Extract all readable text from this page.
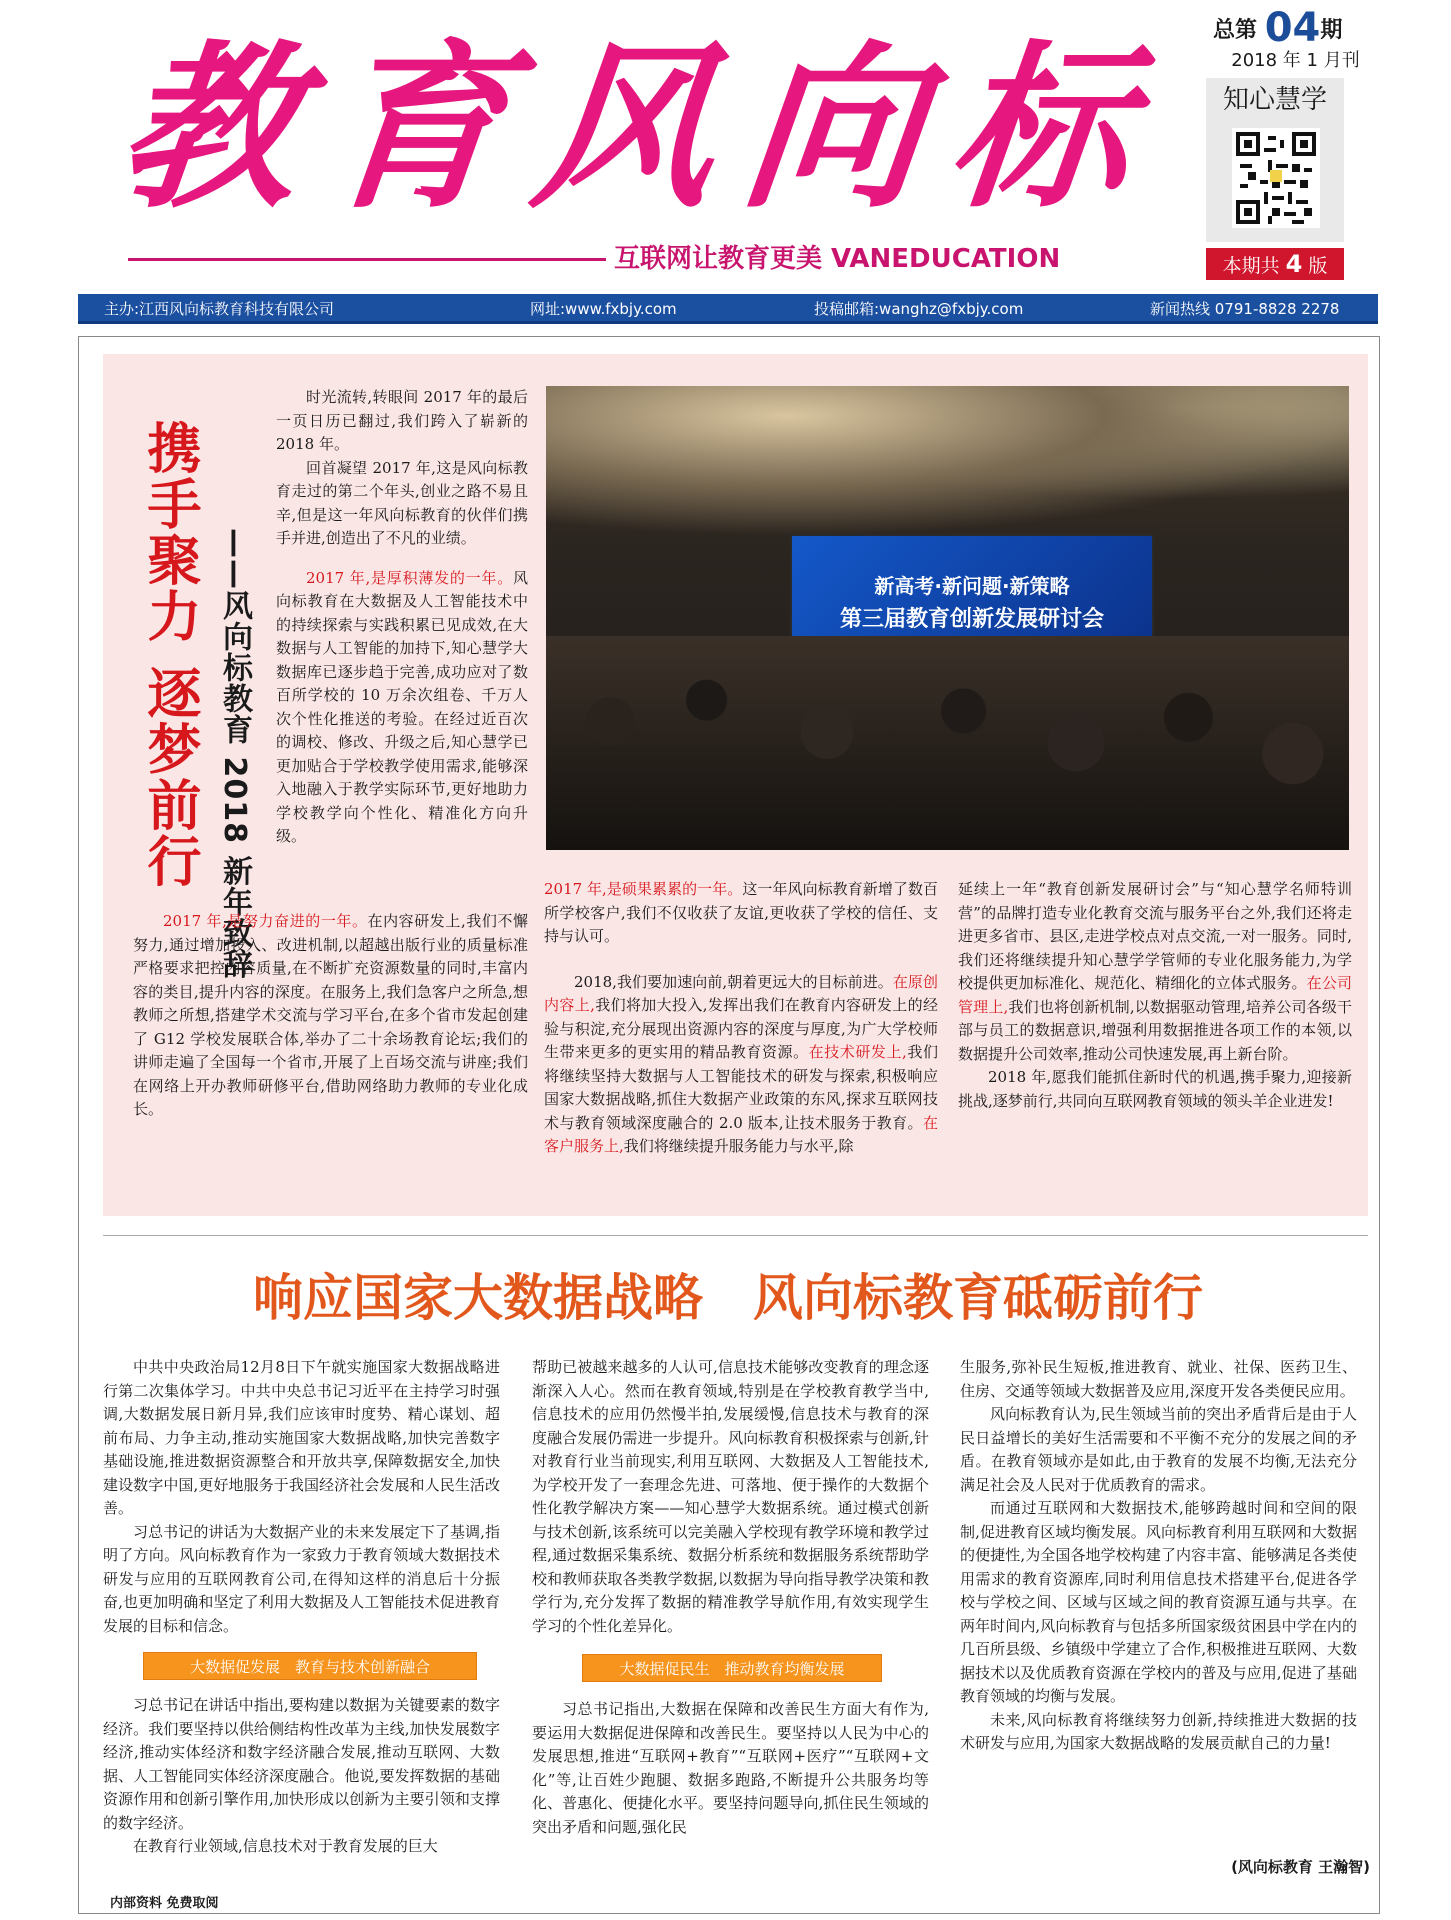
教育风向标
互联网让教育更美 VANEDUCATION
总第 04期
2018 年 1 月刊
知心慧学
本期共 4 版
主办:江西风向标教育科技有限公司	网址:www.fxbjy.com	投稿邮箱:wanghz@fxbjy.com	新闻热线 0791-8828 2278
携手聚力 逐梦前行 ——风向标教育 2018 新年致辞	新高考·新问题·新策略
第三届教育创新发展研讨会

时光流转,转眼间 2017 年的最后一页日历已翻过,我们跨入了崭新的 2018 年。

回首凝望 2017 年,这是风向标教育走过的第二个年头,创业之路不易且辛,但是这一年风向标教育的伙伴们携手并进,创造出了不凡的业绩。

2017 年,是厚积薄发的一年。风向标教育在大数据及人工智能技术中的持续探索与实践积累已见成效,在大数据与人工智能的加持下,知心慧学大数据库已逐步趋于完善,成功应对了数百所学校的 10 万余次组卷、千万人次个性化推送的考验。在经过近百次的调校、修改、升级之后,知心慧学已更加贴合于学校教学使用需求,能够深入地融入于教学实际环节,更好地助力学校教学向个性化、精准化方向升级。

2017 年,是努力奋进的一年。在内容研发上,我们不懈努力,通过增加投入、改进机制,以超越出版行业的质量标准严格要求把控内容质量,在不断扩充资源数量的同时,丰富内容的类目,提升内容的深度。在服务上,我们急客户之所急,想教师之所想,搭建学术交流与学习平台,在多个省市发起创建了 G12 学校发展联合体,举办了二十余场教育论坛;我们的讲师走遍了全国每一个省市,开展了上百场交流与讲座;我们在网络上开办教师研修平台,借助网络助力教师的专业化成长。

2017 年,是硕果累累的一年。这一年风向标教育新增了数百所学校客户,我们不仅收获了友谊,更收获了学校的信任、支持与认可。

2018,我们要加速向前,朝着更远大的目标前进。在原创内容上,我们将加大投入,发挥出我们在教育内容研发上的经验与积淀,充分展现出资源内容的深度与厚度,为广大学校师生带来更多的更实用的精品教育资源。在技术研发上,我们将继续坚持大数据与人工智能技术的研发与探索,积极响应国家大数据战略,抓住大数据产业政策的东风,探求互联网技术与教育领域深度融合的 2.0 版本,让技术服务于教育。在客户服务上,我们将继续提升服务能力与水平,除

延续上一年“教育创新发展研讨会”与“知心慧学名师特训营”的品牌打造专业化教育交流与服务平台之外,我们还将走进更多省市、县区,走进学校点对点交流,一对一服务。同时,我们还将继续提升知心慧学学管师的专业化服务能力,为学校提供更加标准化、规范化、精细化的立体式服务。在公司管理上,我们也将创新机制,以数据驱动管理,培养公司各级干部与员工的数据意识,增强利用数据推进各项工作的本领,以数据提升公司效率,推动公司快速发展,再上新台阶。

2018 年,愿我们能抓住新时代的机遇,携手聚力,迎接新挑战,逐梦前行,共同向互联网教育领域的领头羊企业进发!

响应国家大数据战略　风向标教育砥砺前行

中共中央政治局12月8日下午就实施国家大数据战略进行第二次集体学习。中共中央总书记习近平在主持学习时强调,大数据发展日新月异,我们应该审时度势、精心谋划、超前布局、力争主动,推动实施国家大数据战略,加快完善数字基础设施,推进数据资源整合和开放共享,保障数据安全,加快建设数字中国,更好地服务于我国经济社会发展和人民生活改善。

习总书记的讲话为大数据产业的未来发展定下了基调,指明了方向。风向标教育作为一家致力于教育领域大数据技术研发与应用的互联网教育公司,在得知这样的消息后十分振奋,也更加明确和坚定了利用大数据及人工智能技术促进教育发展的目标和信念。

大数据促发展　教育与技术创新融合

习总书记在讲话中指出,要构建以数据为关键要素的数字经济。我们要坚持以供给侧结构性改革为主线,加快发展数字经济,推动实体经济和数字经济融合发展,推动互联网、大数据、人工智能同实体经济深度融合。他说,要发挥数据的基础资源作用和创新引擎作用,加快形成以创新为主要引领和支撑的数字经济。

在教育行业领域,信息技术对于教育发展的巨大

帮助已被越来越多的人认可,信息技术能够改变教育的理念逐渐深入人心。然而在教育领域,特别是在学校教育教学当中,信息技术的应用仍然慢半拍,发展缓慢,信息技术与教育的深度融合发展仍需进一步提升。风向标教育积极探索与创新,针对教育行业当前现实,利用互联网、大数据及人工智能技术,为学校开发了一套理念先进、可落地、便于操作的大数据个性化教学解决方案——知心慧学大数据系统。通过模式创新与技术创新,该系统可以完美融入学校现有教学环境和教学过程,通过数据采集系统、数据分析系统和数据服务系统帮助学校和教师获取各类教学数据,以数据为导向指导教学决策和教学行为,充分发挥了数据的精准教学导航作用,有效实现学生学习的个性化差异化。

大数据促民生　推动教育均衡发展

习总书记指出,大数据在保障和改善民生方面大有作为,要运用大数据促进保障和改善民生。要坚持以人民为中心的发展思想,推进“互联网+教育”“互联网+医疗”“互联网+文化”等,让百姓少跑腿、数据多跑路,不断提升公共服务均等化、普惠化、便捷化水平。要坚持问题导向,抓住民生领域的突出矛盾和问题,强化民

生服务,弥补民生短板,推进教育、就业、社保、医药卫生、住房、交通等领域大数据普及应用,深度开发各类便民应用。

风向标教育认为,民生领域当前的突出矛盾背后是由于人民日益增长的美好生活需要和不平衡不充分的发展之间的矛盾。在教育领域亦是如此,由于教育的发展不均衡,无法充分满足社会及人民对于优质教育的需求。

而通过互联网和大数据技术,能够跨越时间和空间的限制,促进教育区域均衡发展。风向标教育利用互联网和大数据的便捷性,为全国各地学校构建了内容丰富、能够满足各类使用需求的教育资源库,同时利用信息技术搭建平台,促进各学校与学校之间、区域与区域之间的教育资源互通与共享。在两年时间内,风向标教育与包括多所国家级贫困县中学在内的几百所县级、乡镇级中学建立了合作,积极推进互联网、大数据技术以及优质教育资源在学校内的普及与应用,促进了基础教育领域的均衡与发展。

未来,风向标教育将继续努力创新,持续推进大数据的技术研发与应用,为国家大数据战略的发展贡献自己的力量!

(风向标教育 王瀚智)
内部资料 免费取阅
